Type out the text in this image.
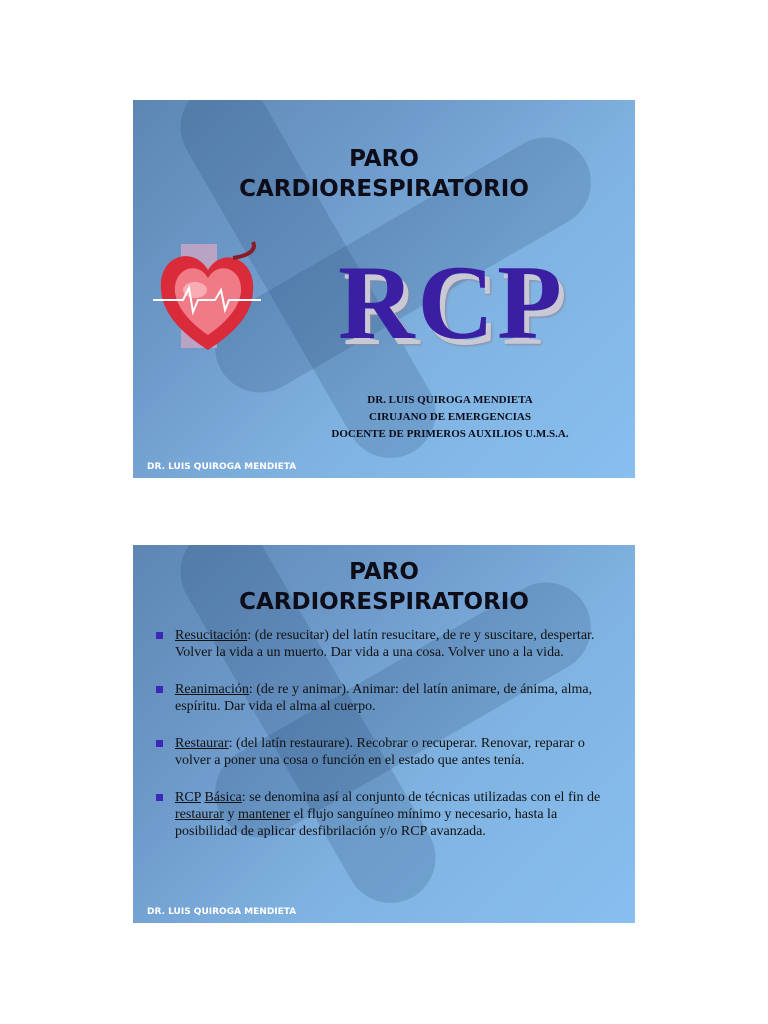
PARO
CARDIORESPIRATORIO
RCP
DR. LUIS QUIROGA MENDIETA
CIRUJANO DE EMERGENCIAS
DOCENTE DE PRIMEROS AUXILIOS U.M.S.A.
DR. LUIS QUIROGA MENDIETA
PARO
CARDIORESPIRATORIO
Resucitación: (de resucitar) del latín resucitare, de re y suscitare, despertar. Volver la vida a un muerto. Dar vida a una cosa. Volver uno a la vida.
Reanimación: (de re y animar). Animar: del latín animare, de ánima, alma, espíritu. Dar vida el alma al cuerpo.
Restaurar: (del latín restaurare). Recobrar o recuperar. Renovar, reparar o volver a poner una cosa o función en el estado que antes tenía.
RCP Básica: se denomina así al conjunto de técnicas utilizadas con el fin de restaurar y mantener el flujo sanguíneo mínimo y necesario, hasta la posibilidad de aplicar desfibrilación y/o RCP avanzada.
DR. LUIS QUIROGA MENDIETA
